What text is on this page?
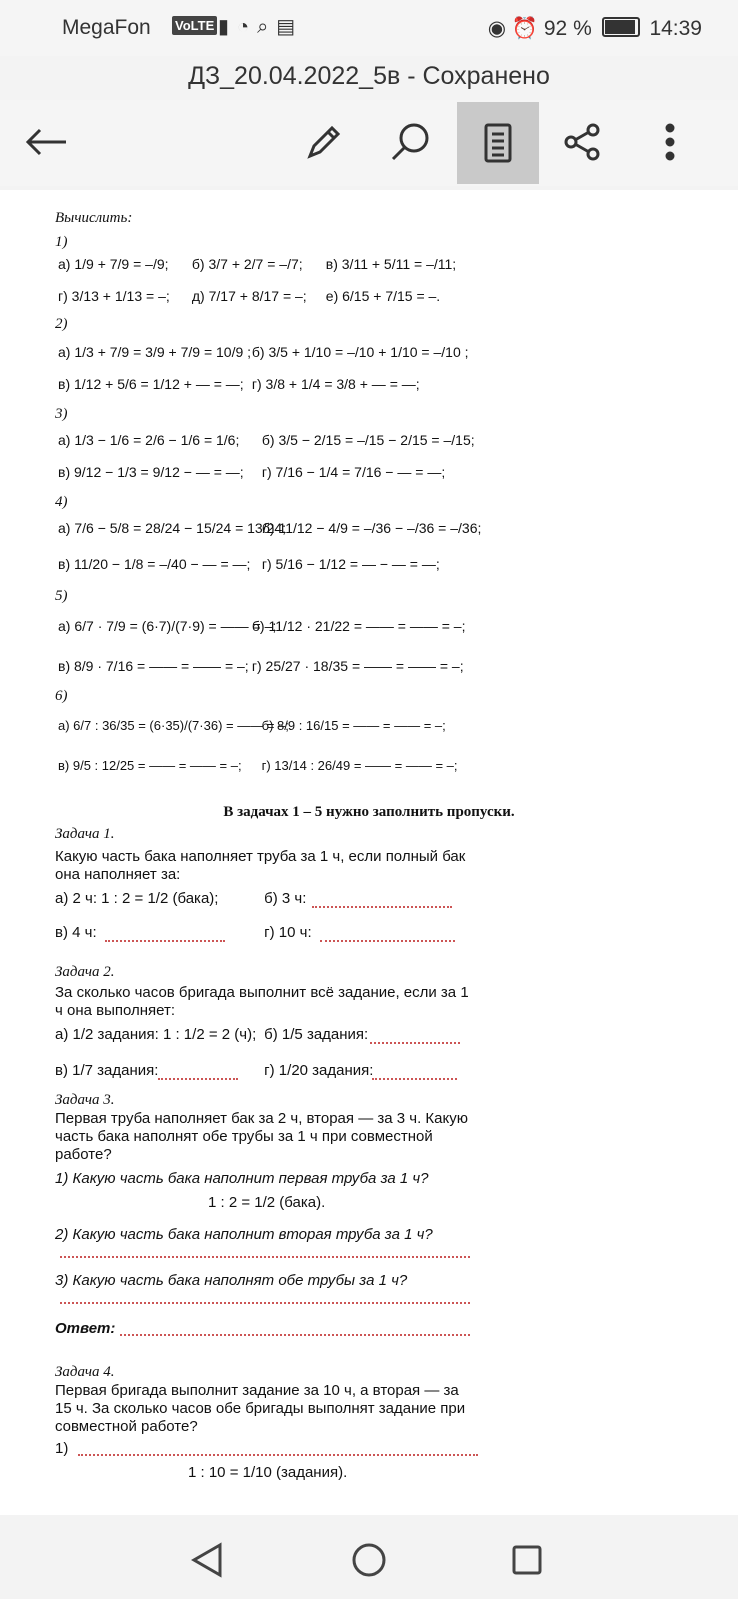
MegaFon VoLTE ▮◔⌕▤	◉ ⏰ 92 %	14:39
ДЗ_20.04.2022_5в - Сохранено
Вычислить:
1)
а) 1/9 + 7/9 = –/9; б) 3/7 + 2/7 = –/7; в) 3/11 + 5/11 = –/11;
г) 3/13 + 1/13 = –; д) 7/17 + 8/17 = –; е) 6/15 + 7/15 = –.
2)
а) 1/3 + 7/9 = 3/9 + 7/9 = 10/9 ; б) 3/5 + 1/10 = –/10 + 1/10 = –/10 ;
в) 1/12 + 5/6 = 1/12 + — = —; г) 3/8 + 1/4 = 3/8 + — = —;
3)
а) 1/3 − 1/6 = 2/6 − 1/6 = 1/6; б) 3/5 − 2/15 = –/15 − 2/15 = –/15;
в) 9/12 − 1/3 = 9/12 − — = —; г) 7/16 − 1/4 = 7/16 − — = —;
4)
а) 7/6 − 5/8 = 28/24 − 15/24 = 13/24; б) 11/12 − 4/9 = –/36 − –/36 = –/36;
в) 11/20 − 1/8 = –/40 − — = —; г) 5/16 − 1/12 = — − — = —;
5)
а) 6/7 · 7/9 = (6·7)/(7·9) = —— = –; б) 11/12 · 21/22 = —— = —— = –;
в) 8/9 · 7/16 = —— = —— = –; г) 25/27 · 18/35 = —— = —— = –;
6)
а) 6/7 : 36/35 = (6·35)/(7·36) = —— = –; б) 8/9 : 16/15 = —— = —— = –;
в) 9/5 : 12/25 = —— = —— = –; г) 13/14 : 26/49 = —— = —— = –;
В задачах 1 – 5 нужно заполнить пропуски.
Задача 1.
Какую часть бака наполняет труба за 1 ч, если полный бак она наполняет за:
а) 2 ч: 1 : 2 = 1/2 (бака);	б) 3 ч:
в) 4 ч:	г) 10 ч:
Задача 2.
За сколько часов бригада выполнит всё задание, если за 1 ч она выполняет:
а) 1/2 задания: 1 : 1/2 = 2 (ч); б) 1/5 задания:
в) 1/7 задания:	г) 1/20 задания:
Задача 3.
Первая труба наполняет бак за 2 ч, вторая — за 3 ч. Какую часть бака наполнят обе трубы за 1 ч при совместной работе?
1) Какую часть бака наполнит первая труба за 1 ч?
1 : 2 = 1/2 (бака).
2) Какую часть бака наполнит вторая труба за 1 ч?
3) Какую часть бака наполнят обе трубы за 1 ч?
Ответ:
Задача 4.
Первая бригада выполнит задание за 10 ч, а вторая — за 15 ч. За сколько часов обе бригады выполнят задание при совместной работе?
1)
1 : 10 = 1/10 (задания).
